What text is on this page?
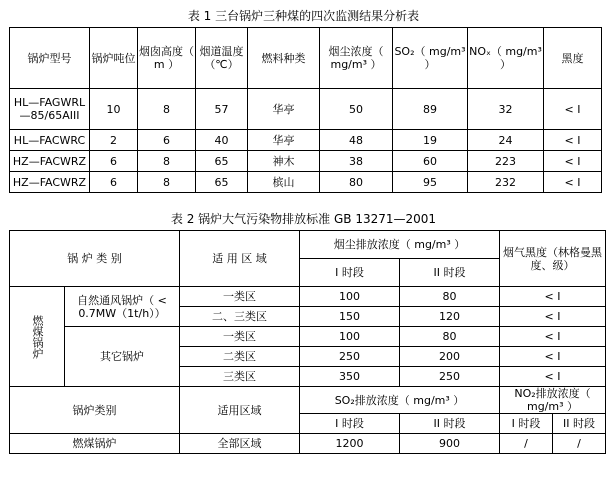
表 1 三台锅炉三种煤的四次监测结果分析表
锅炉型号	锅炉吨位	烟囱高度（ m ）	烟道温度（℃）	燃料种类	烟尘浓度（ mg/m³ ）	SO₂（ mg/m³ ）	NOₓ（ mg/m³ ）	黑度
HL—FAGWRL—85/65AIII	10	8	57	华亭	50	89	32	< I
HL—FACWRC	2	6	40	华亭	48	19	24	< I
HZ—FACWRZ	6	8	65	神木	38	60	223	< I
HZ—FACWRZ	6	8	65	槟山	80	95	232	< I
表 2 锅炉大气污染物排放标准 GB 13271—2001
锅 炉 类 别		适 用 区 域	烟尘排放浓度（ mg/m³ ）		烟气黑度（林格曼黑度、级）	
			I 时段	II 时段		
燃煤锅炉	自然通风锅炉（ < 0.7MW（1t/h））	一类区	100	80	< I	
		二、三类区	150	120	< I	
	其它锅炉	一类区	100	80	< I	
		二类区	250	200	< I	
		三类区	350	250	< I	
锅炉类别		适用区域	SO₂排放浓度（ mg/m³ ）		NO₂排放浓度（ mg/m³ ）	
			I 时段	II 时段	I 时段	II 时段
燃煤锅炉		全部区域	1200	900	/	/
